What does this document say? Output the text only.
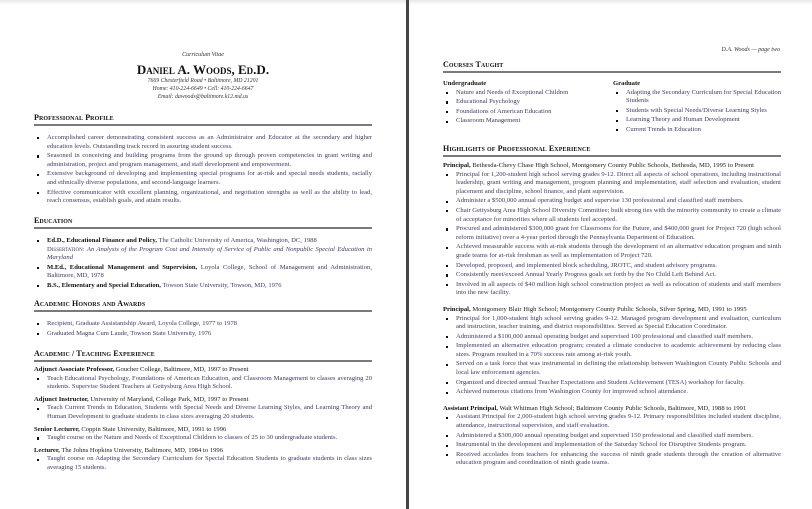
Curriculum Vitae
Daniel A. Woods, Ed.D.
7669 Chesterfield Road • Baltimore, MD 21201
Home: 410-224-6649 • Cell: 410-224-6647
Email: dawoods@baltimore.k12.md.us
Professional Profile
Accomplished career demonstrating consistent success as an Administrator and Educator at the secondary and higher education levels. Outstanding track record in assuring student success.
Seasoned in conceiving and building programs from the ground up through proven competencies in grant writing and administration, project and program management, and staff development and empowerment.
Extensive background of developing and implementing special programs for at-risk and special needs students, racially and ethnically diverse populations, and second-language learners.
Effective communicator with excellent planning, organizational, and negotiation strengths as well as the ability to lead, reach consensus, establish goals, and attain results.
Education
Ed.D., Educational Finance and Policy, The Catholic University of America, Washington, DC, 1988
Dissertation: An Analysis of the Program Cost and Intensity of Service of Public and Nonpublic Special Education in Maryland
M.Ed., Educational Management and Supervision, Loyola College, School of Management and Administration, Baltimore, MD, 1978
B.S., Elementary and Special Education, Towson State University, Towson, MD, 1976
Academic Honors and Awards
Recipient, Graduate Assistantship Award, Loyola College, 1977 to 1978
Graduated Magna Cum Laude, Towson State University, 1976
Academic / Teaching Experience
Adjunct Associate Professor, Goucher College, Baltimore, MD, 1997 to Present
Teach Educational Psychology, Foundations of American Education, and Classroom Management to classes averaging 20 students. Supervise Student Teachers at Gettysburg Area High School.
Adjunct Instructor, University of Maryland, College Park, MD, 1997 to Present
Teach Current Trends in Education, Students with Special Needs and Diverse Learning Styles, and Learning Theory and Human Development to graduate students in class sizes averaging 20 students.
Senior Lecturer, Coppin State University, Baltimore, MD, 1991 to 1996
Taught course on the Nature and Needs of Exceptional Children to classes of 25 to 30 undergraduate students.
Lecturer, The Johns Hopkins University, Baltimore, MD, 1984 to 1996
Taught course on Adapting the Secondary Curriculum for Special Education Students to graduate students in class sizes averaging 15 students.
D.A. Woods — page two
Courses Taught
Undergraduate
Nature and Needs of Exceptional Children
Educational Psychology
Foundations of American Education
Classroom Management
Graduate
Adapting the Secondary Curriculum for Special Education Students
Students with Special Needs/Diverse Learning Styles
Learning Theory and Human Development
Current Trends in Education
Highlights of Professional Experience
Principal, Bethesda-Chevy Chase High School, Montgomery County Public Schools, Bethesda, MD, 1995 to Present
Principal for 1,200-student high school serving grades 9-12. Direct all aspects of school operations, including instructional leadership, grant writing and management, program planning and implementation, staff selection and evaluation, student placement and discipline, school finance, and plant supervision.
Administer a $500,000 annual operating budget and supervise 130 professional and classified staff members.
Chair Gettysburg Area High School Diversity Committee; built strong ties with the minority community to create a climate of acceptance for minorities where all students feel accepted.
Procured and administered $300,000 grant for Classrooms for the Future, and $400,000 grant for Project 720 (high school reform initiative) over a 4-year period through the Pennsylvania Department of Education.
Achieved measurable success with at-risk students through the development of an alternative education program and ninth grade teams for at-risk freshman as well as implementation of Project 720.
Developed, proposed, and implemented block scheduling, JROTC, and student advisory programs.
Consistently meet/exceed Annual Yearly Progress goals set forth by the No Child Left Behind Act.
Involved in all aspects of $40 million high school construction project as well as relocation of students and staff members into the new facility.
Principal, Montgomery Blair High School; Montgomery County Public Schools, Silver Spring, MD, 1991 to 1995
Principal for 1,000-student high school serving grades 9-12. Managed program development and evaluation, curriculum and instruction, teacher training, and district responsibilities. Served as Special Education Coordinator.
Administered a $100,000 annual operating budget and supervised 100 professional and classified staff members.
Implemented an alternative education program; created a climate conducive to academic achievement by reducing class sizes. Program resulted in a 70% success rate among at-risk youth.
Served on a task force that was instrumental in defining the relationship between Washington County Public Schools and local law enforcement agencies.
Organized and directed annual Teacher Expectations and Student Achievement (TESA) workshop for faculty.
Achieved numerous citations from Washington County for improved school attendance.
Assistant Principal, Walt Whitman High School; Baltimore County Public Schools, Baltimore, MD, 1988 to 1991
Assistant Principal for 2,000-student high school serving grades 9-12. Primary responsibilities included student discipline, attendance, instructional supervision, and staff evaluation.
Administered a $300,000 annual operating budget and supervised 150 professional and classified staff members.
Instrumental in the development and implementation of the Saturday School for Disruptive Students program.
Received accolades from teachers for enhancing the success of ninth grade students through the creation of alternative education program and coordination of ninth grade teams.
